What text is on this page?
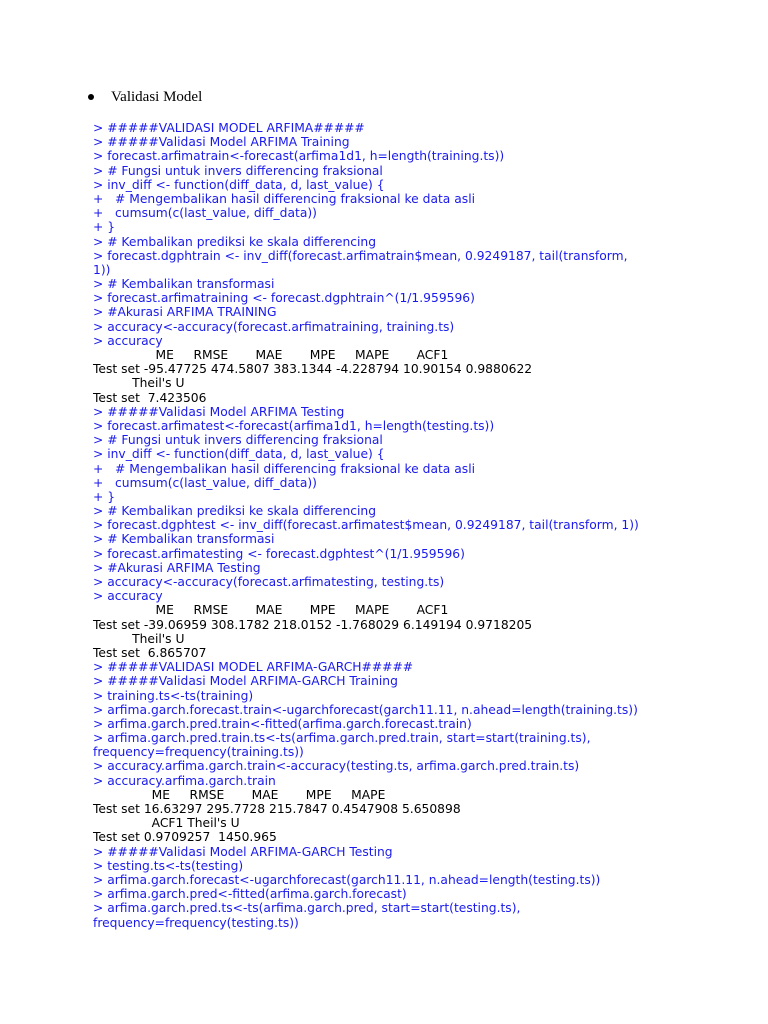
Validasi Model
> #####VALIDASI MODEL ARFIMA#####
> #####Validasi Model ARFIMA Training
> forecast.arfimatrain<-forecast(arfima1d1, h=length(training.ts))
> # Fungsi untuk invers differencing fraksional
> inv_diff <- function(diff_data, d, last_value) {
+   # Mengembalikan hasil differencing fraksional ke data asli
+   cumsum(c(last_value, diff_data))
+ }
> # Kembalikan prediksi ke skala differencing
> forecast.dgphtrain <- inv_diff(forecast.arfimatrain$mean, 0.9249187, tail(transform,
1))
> # Kembalikan transformasi
> forecast.arfimatraining <- forecast.dgphtrain^(1/1.959596)
> #Akurasi ARFIMA TRAINING
> accuracy<-accuracy(forecast.arfimatraining, training.ts)
> accuracy
ME     RMSE       MAE       MPE     MAPE       ACF1
Test set -95.47725 474.5807 383.1344 -4.228794 10.90154 0.9880622
Theil's U
Test set  7.423506
> #####Validasi Model ARFIMA Testing
> forecast.arfimatest<-forecast(arfima1d1, h=length(testing.ts))
> # Fungsi untuk invers differencing fraksional
> inv_diff <- function(diff_data, d, last_value) {
+   # Mengembalikan hasil differencing fraksional ke data asli
+   cumsum(c(last_value, diff_data))
+ }
> # Kembalikan prediksi ke skala differencing
> forecast.dgphtest <- inv_diff(forecast.arfimatest$mean, 0.9249187, tail(transform, 1))
> # Kembalikan transformasi
> forecast.arfimatesting <- forecast.dgphtest^(1/1.959596)
> #Akurasi ARFIMA Testing
> accuracy<-accuracy(forecast.arfimatesting, testing.ts)
> accuracy
ME     RMSE       MAE       MPE     MAPE       ACF1
Test set -39.06959 308.1782 218.0152 -1.768029 6.149194 0.9718205
Theil's U
Test set  6.865707
> #####VALIDASI MODEL ARFIMA-GARCH#####
> #####Validasi Model ARFIMA-GARCH Training
> training.ts<-ts(training)
> arfima.garch.forecast.train<-ugarchforecast(garch11.11, n.ahead=length(training.ts))
> arfima.garch.pred.train<-fitted(arfima.garch.forecast.train)
> arfima.garch.pred.train.ts<-ts(arfima.garch.pred.train, start=start(training.ts),
frequency=frequency(training.ts))
> accuracy.arfima.garch.train<-accuracy(testing.ts, arfima.garch.pred.train.ts)
> accuracy.arfima.garch.train
ME     RMSE       MAE       MPE     MAPE
Test set 16.63297 295.7728 215.7847 0.4547908 5.650898
ACF1 Theil's U
Test set 0.9709257  1450.965
> #####Validasi Model ARFIMA-GARCH Testing
> testing.ts<-ts(testing)
> arfima.garch.forecast<-ugarchforecast(garch11.11, n.ahead=length(testing.ts))
> arfima.garch.pred<-fitted(arfima.garch.forecast)
> arfima.garch.pred.ts<-ts(arfima.garch.pred, start=start(testing.ts),
frequency=frequency(testing.ts))
